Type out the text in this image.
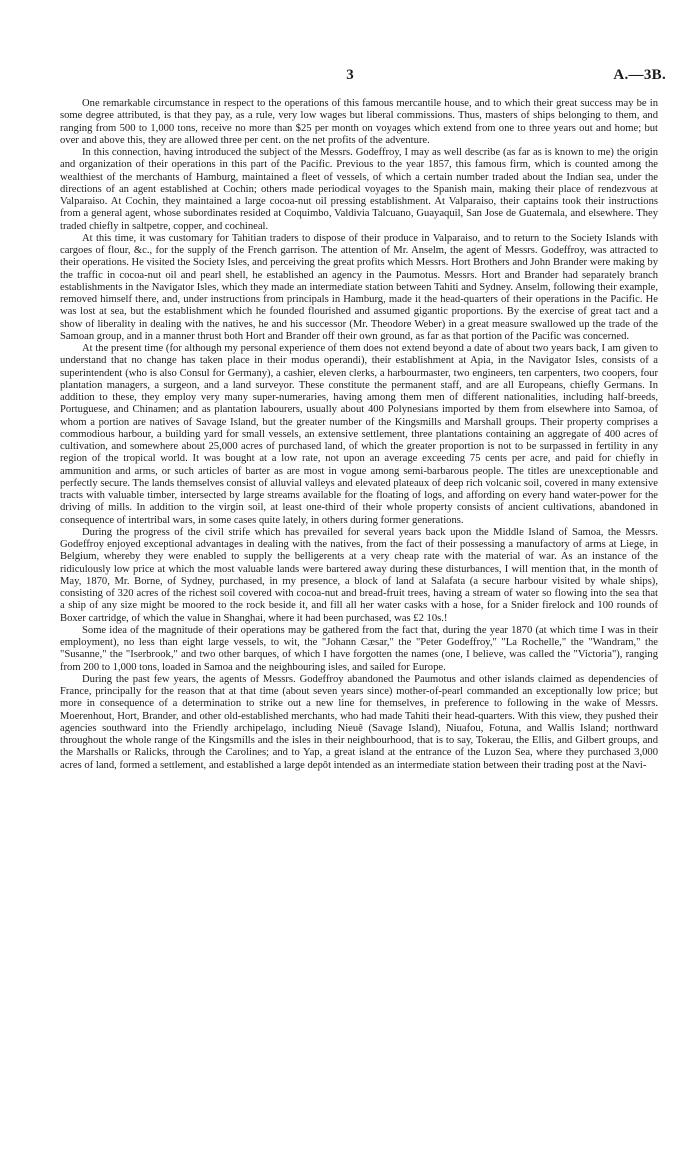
3	A.—3B.

One remarkable circumstance in respect to the operations of this famous mercantile house, and to which their great success may be in some degree attributed, is that they pay, as a rule, very low wages but liberal commissions. Thus, masters of ships belonging to them, and ranging from 500 to 1,000 tons, receive no more than $25 per month on voyages which extend from one to three years out and home; but over and above this, they are allowed three per cent. on the net profits of the adventure.

In this connection, having introduced the subject of the Messrs. Godeffroy, I may as well describe (as far as is known to me) the origin and organization of their operations in this part of the Pacific. Previous to the year 1857, this famous firm, which is counted among the wealthiest of the merchants of Hamburg, maintained a fleet of vessels, of which a certain number traded about the Indian sea, under the directions of an agent established at Cochin; others made periodical voyages to the Spanish main, making their place of rendezvous at Valparaiso. At Cochin, they maintained a large cocoa-nut oil pressing establishment. At Valparaiso, their captains took their instructions from a general agent, whose subordinates resided at Coquimbo, Valdivia Talcuano, Guayaquil, San Jose de Guatemala, and elsewhere. They traded chiefly in saltpetre, copper, and cochineal.

At this time, it was customary for Tahitian traders to dispose of their produce in Valparaiso, and to return to the Society Islands with cargoes of flour, &c., for the supply of the French garrison. The attention of Mr. Anselm, the agent of Messrs. Godeffroy, was attracted to their operations. He visited the Society Isles, and perceiving the great profits which Messrs. Hort Brothers and John Brander were making by the traffic in cocoa-nut oil and pearl shell, he established an agency in the Paumotus. Messrs. Hort and Brander had separately branch establishments in the Navigator Isles, which they made an intermediate station between Tahiti and Sydney. Anselm, following their example, removed himself there, and, under instructions from principals in Hamburg, made it the head-quarters of their operations in the Pacific. He was lost at sea, but the establishment which he founded flourished and assumed gigantic proportions. By the exercise of great tact and a show of liberality in dealing with the natives, he and his successor (Mr. Theodore Weber) in a great measure swallowed up the trade of the Samoan group, and in a manner thrust both Hort and Brander off their own ground, as far as that portion of the Pacific was concerned.

At the present time (for although my personal experience of them does not extend beyond a date of about two years back, I am given to understand that no change has taken place in their modus operandi), their establishment at Apia, in the Navigator Isles, consists of a superintendent (who is also Consul for Germany), a cashier, eleven clerks, a harbourmaster, two engineers, ten carpenters, two coopers, four plantation managers, a surgeon, and a land surveyor. These constitute the permanent staff, and are all Europeans, chiefly Germans. In addition to these, they employ very many super-numeraries, having among them men of different nationalities, including half-breeds, Portuguese, and Chinamen; and as plantation labourers, usually about 400 Polynesians imported by them from elsewhere into Samoa, of whom a portion are natives of Savage Island, but the greater number of the Kingsmills and Marshall groups. Their property comprises a commodious harbour, a building yard for small vessels, an extensive settlement, three plantations containing an aggregate of 400 acres of cultivation, and somewhere about 25,000 acres of purchased land, of which the greater proportion is not to be surpassed in fertility in any region of the tropical world. It was bought at a low rate, not upon an average exceeding 75 cents per acre, and paid for chiefly in ammunition and arms, or such articles of barter as are most in vogue among semi-barbarous people. The titles are unexceptionable and perfectly secure. The lands themselves consist of alluvial valleys and elevated plateaux of deep rich volcanic soil, covered in many extensive tracts with valuable timber, intersected by large streams available for the floating of logs, and affording on every hand water-power for the driving of mills. In addition to the virgin soil, at least one-third of their whole property consists of ancient cultivations, abandoned in consequence of intertribal wars, in some cases quite lately, in others during former generations.

During the progress of the civil strife which has prevailed for several years back upon the Middle Island of Samoa, the Messrs. Godeffroy enjoyed exceptional advantages in dealing with the natives, from the fact of their possessing a manufactory of arms at Liege, in Belgium, whereby they were enabled to supply the belligerents at a very cheap rate with the material of war. As an instance of the ridiculously low price at which the most valuable lands were bartered away during these disturbances, I will mention that, in the month of May, 1870, Mr. Borne, of Sydney, purchased, in my presence, a block of land at Salafata (a secure harbour visited by whale ships), consisting of 320 acres of the richest soil covered with cocoa-nut and bread-fruit trees, having a stream of water so flowing into the sea that a ship of any size might be moored to the rock beside it, and fill all her water casks with a hose, for a Snider firelock and 100 rounds of Boxer cartridge, of which the value in Shanghai, where it had been purchased, was £2 10s.!

Some idea of the magnitude of their operations may be gathered from the fact that, during the year 1870 (at which time I was in their employment), no less than eight large vessels, to wit, the "Johann Cæsar," the "Peter Godeffroy," "La Rochelle," the "Wandram," the "Susanne," the "Iserbrook," and two other barques, of which I have forgotten the names (one, I believe, was called the "Victoria"), ranging from 200 to 1,000 tons, loaded in Samoa and the neighbouring isles, and sailed for Europe.

During the past few years, the agents of Messrs. Godeffroy abandoned the Paumotus and other islands claimed as dependencies of France, principally for the reason that at that time (about seven years since) mother-of-pearl commanded an exceptionally low price; but more in consequence of a determination to strike out a new line for themselves, in preference to following in the wake of Messrs. Moerenhout, Hort, Brander, and other old-established merchants, who had made Tahiti their head-quarters. With this view, they pushed their agencies southward into the Friendly archipelago, including Nieuê (Savage Island), Niuafou, Fotuna, and Wallis Island; northward throughout the whole range of the Kingsmills and the isles in their neighbourhood, that is to say, Tokerau, the Ellis, and Gilbert groups, and the Marshalls or Ralicks, through the Carolines; and to Yap, a great island at the entrance of the Luzon Sea, where they purchased 3,000 acres of land, formed a settlement, and established a large depôt intended as an intermediate station between their trading post at the Navi-
